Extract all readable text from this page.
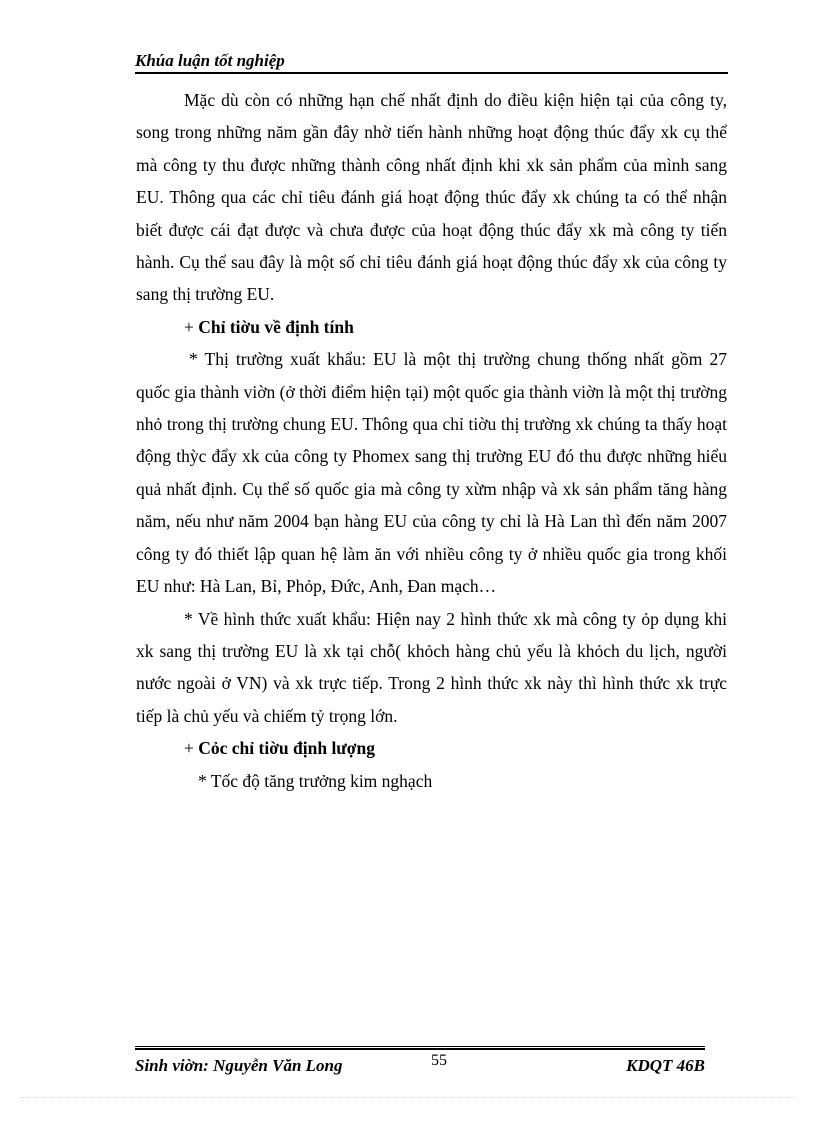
Khúa luận tốt nghiệp

Mặc dù còn có những hạn chế nhất định do điều kiện hiện tại của công ty, song trong những năm gần đây nhờ tiến hành những hoạt động thúc đẩy xk cụ thể mà công ty thu được những thành công nhất định khi xk sản phẩm của mình sang EU. Thông qua các chỉ tiêu đánh giá hoạt động thúc đẩy xk chúng ta có thể nhận biết được cái đạt được và chưa được của hoạt động thúc đẩy xk mà công ty tiến hành. Cụ thể sau đây là một số chỉ tiêu đánh giá hoạt động thúc đẩy xk của công ty sang thị trường EU.

+ Chỉ tiờu về định tính

* Thị trường xuất khẩu: EU là một thị trường chung thống nhất gồm 27 quốc gia thành viờn (ở thời điểm hiện tại) một quốc gia thành viờn là một thị trường nhỏ trong thị trường chung EU. Thông qua chỉ tiờu thị trường xk chúng ta thấy hoạt động thỳc đẩy xk của công ty Phomex sang thị trường EU đó thu được những hiểu quả nhất định. Cụ thể số quốc gia mà công ty xừm nhập và xk sản phẩm tăng hàng năm, nếu như năm 2004 bạn hàng EU của công ty chỉ là Hà Lan thì đến năm 2007 công ty đó thiết lập quan hệ làm ăn với nhiều công ty ở nhiều quốc gia trong khối EU như: Hà Lan, Bỉ, Phỏp, Đức, Anh, Đan mạch…

* Về hình thức xuất khẩu: Hiện nay 2 hình thức xk mà công ty ỏp dụng khi xk sang thị trường EU là xk tại chỗ( khỏch hàng chủ yếu là khỏch du lịch, người nước ngoài ở VN) và xk trực tiếp. Trong 2 hình thức xk này thì hình thức xk trực tiếp là chủ yếu và chiếm tỷ trọng lớn.

+ Cỏc chỉ tiờu định lượng

* Tốc độ tăng trưởng kim nghạch

Sinh viờn: Nguyễn Văn Long	55	KDQT 46B
